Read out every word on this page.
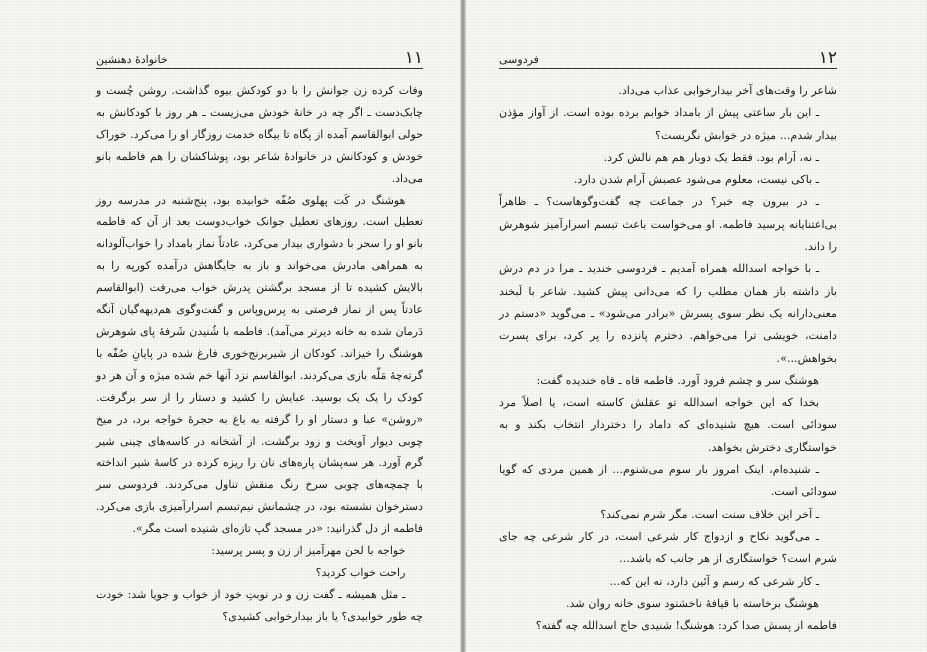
خانوادهٔ دهنشین	۱۱

وفات کرده زن جوانش را با دو کودکش بیوه گذاشت. روشن چُست و چابک‌دست ـ اگر چه در خانهٔ خودش می‌زیست ـ هر روز با کودکانش به حولی ابوالقاسم آمده از پگاه تا بیگاه خدمت روزگار او را می‌کرد. خوراک خودش و کودکانش در خانوادهٔ شاعر بود، پوشاکشان را هم فاطمه بانو می‌داد.

هوشنگ در کَت پهلوی صُفّه خوابیده بود، پنج‌شنبه در مدرسه روز تعطیل است. روزهای تعطیل جوانک خواب‌دوست بعد از آن که فاطمه بانو او را سحر با دشواری بیدار می‌کرد، عادتاً نماز بامداد را خواب‌آلودانه به همراهی مادرش می‌خواند و باز به جایگاهش درآمده کورپه را به بالایش کشیده تا از مسجد برگشتن پدرش خواب می‌رفت (ابوالقاسم عادتاً پس از نماز فرصتی به پرس‌وپاس و گفت‌وگوی هم‌دیهه‌گیان آنگه دَرمان شده به خانه دیرتر می‌آمد). فاطمه با شُنیدن شَرفهٔ پای شوهرش هوشنگ را خیزاند. کودکان از شیربرنج‌خوری فارغ شده در پایانِ صُفّه با گرته‌چهٔ مَلّه بازی می‌کردند. ابوالقاسم نزد آنها خم شده میژه و آن هر دو کودک را یک یک بوسید. عبایش را کشید و دستار را از سر برگرفت. «روشن» عبا و دستار او را گرفته به باغ به حجرهٔ خواجه برد، در میخ چوبی دیوار آویخت و زود برگشت. از آشخانه در کاسه‌های چینی شیر گرم آورد. هر سه‌پشان پاره‌های نان را ریزه کرده در کاسهٔ شیر انداخته با چمچه‌های چوبی سرخ رنگ منقش تناول می‌کردند. فردوسی سر دسترخوان نشسته بود، در چشمانش نیم‌تبسم اسرارآمیزی بازی می‌کرد. فاطمه از دل گذرانید: «در مسجد گپ تازه‌ای شنیده است مگر».

خواجه با لحن مهرآمیز از زن و پسر پرسید:

راحت خواب کردید؟

ـ مثل همیشه ـ گفت زن و در نوبتِ خود از خواب و جویا شد: خودت چه طور خوابیدی؟ یا باز بیدارخوابی کشیدی؟

فردوسی	۱۲

شاعر را وقت‌های آخر بیدارخوابی عذاب می‌داد.

ـ این بار ساعتی پیش از بامداد خوابم برده بوده است. از آواز مؤذن بیدار شدم... میژه در خوابش نگریست؟

ـ نه، آرام بود. فقط یک دوبار هم هم نالش کرد.

ـ باکی نیست، معلوم می‌شود عصبش آرام شدن دارد.

ـ در بیرون چه خبر؟ در جماعت چه گفت‌وگوهاست؟ ـ ظاهراً بی‌اعتنایانه پرسید فاطمه. او می‌خواست باعث تبسم اسرارآمیز شوهرش را داند.

ـ با خواجه اسدالله همراه آمدیم ـ فردوسی خندید ـ مرا در دم درش باز داشته باز همان مطلب را که می‌دانی پیش کشید. شاعر با لَبخند معنی‌دارانه یک نظر سوی پسرش «برادر می‌شود» ـ می‌گوید «دستم در دامنت، خویشی ترا می‌خواهم. دخترم پانزده را پر کرد، برای پسرت بخواهش...».

هوشنگ سر و چشم فرود آورد. فاطمه قاه ـ قاه خندیده گفت:

بخدا که این خواجه اسدالله تو عقلش کاسته است، یا اصلاً مرد سودائی است. هیچ شنیده‌ای که داماد را دختردار انتخاب بکند و به خواستگاری دخترش بخواهد.

ـ شنیده‌ام، اینک امروز بار سوم می‌شنوم... از همین مردی که گویا سودائی است.

ـ آخر این خلاف سنت است. مگر شرم نمی‌کند؟

ـ می‌گوید نکاح و ازدواج کار شرعی است، در کار شرعی چه جای شرم است؟ خواستگاری از هر جانب که باشد...

ـ کار شرعی که رسم و آئین دارد، نه این که...

هوشنگ برخاسته با قیافهٔ ناخشنود سوی خانه روان شد.

فاطمه از پسش صدا کرد: هوشنگ! شنیدی حاج اسدالله چه گفته؟
